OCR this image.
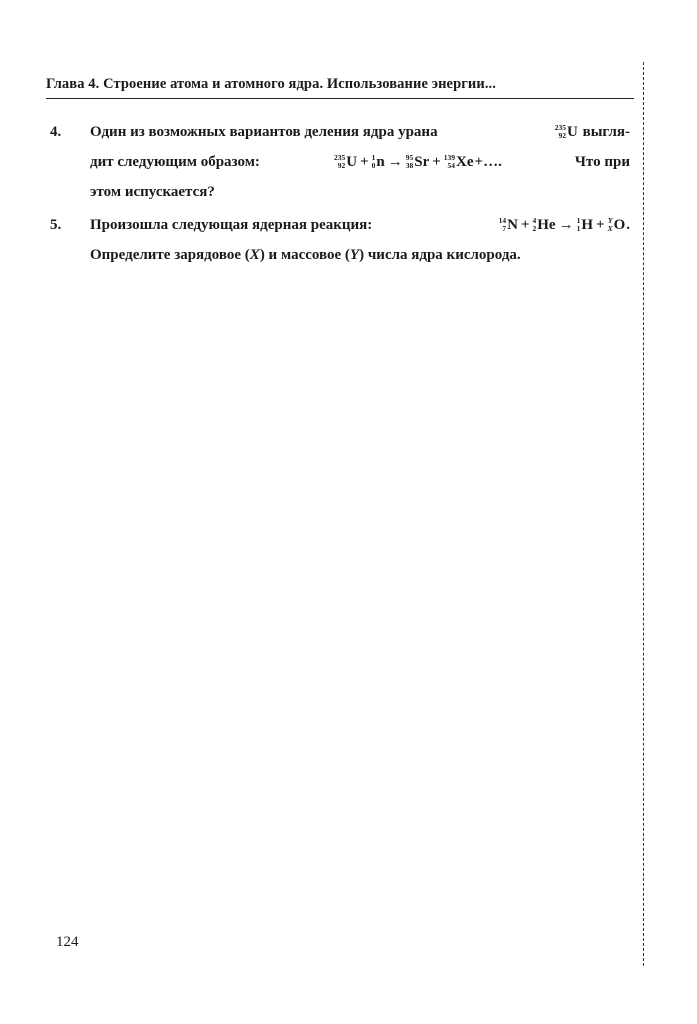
Глава 4. Строение атома и атомного ядра. Использование энергии...
4. Один из возможных вариантов деления ядра урана	235
92 U выгля-
дит следующим образом:	235
92 U + 1
0 n → 95
38 Sr + 139
54 Xe+….	Что при
этом испускается?
5. Произошла следующая ядерная реакция:	14
7 N + 4
2 He → 1
1 H + Y
X O.
Определите зарядовое (X) и массовое (Y) числа ядра кислорода.
124
